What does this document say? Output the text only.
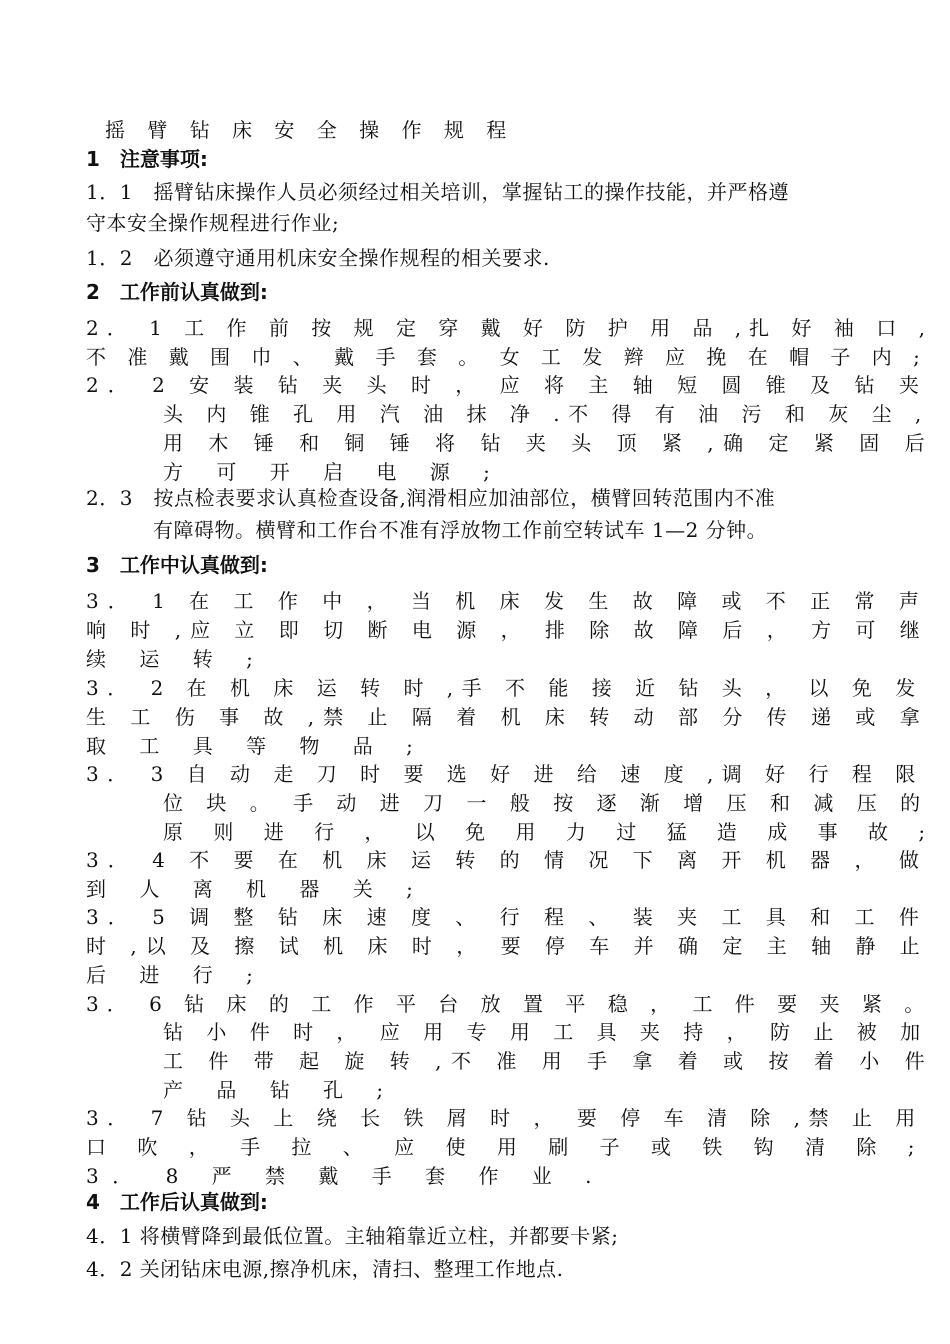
摇 臂 钻 床 安 全 操 作 规 程
1　注意事项:
1．1　摇臂钻床操作人员必须经过相关培训，掌握钻工的操作技能，并严格遵
守本安全操作规程进行作业;
1．2　必须遵守通用机床安全操作规程的相关要求.
2　工作前认真做到:
2． 1 工 作 前 按 规 定 穿 戴 好 防 护 用 品 ,扎 好 袖 口 ,
不 准 戴 围 巾 、 戴 手 套 。 女 工 发 辫 应 挽 在 帽 子 内 ;
2． 2 安 装 钻 夹 头 时 ， 应 将 主 轴 短 圆 锥 及 钻 夹
头 内 锥 孔 用 汽 油 抹 净 .不 得 有 油 污 和 灰 尘 ,
用 木 锤 和 铜 锤 将 钻 夹 头 顶 紧 ,确 定 紧 固 后
方 可 开 启 电 源 ;
2．3　按点检表要求认真检查设备,润滑相应加油部位，横臂回转范围内不准
有障碍物。横臂和工作台不准有浮放物工作前空转试车 1—2 分钟。
3　工作中认真做到:
3． 1 在 工 作 中 ， 当 机 床 发 生 故 障 或 不 正 常 声
响 时 ,应 立 即 切 断 电 源 ， 排 除 故 障 后 ， 方 可 继
续 运 转 ;
3． 2 在 机 床 运 转 时 ,手 不 能 接 近 钻 头 ， 以 免 发
生 工 伤 事 故 ,禁 止 隔 着 机 床 转 动 部 分 传 递 或 拿
取 工 具 等 物 品 ;
3． 3 自 动 走 刀 时 要 选 好 进 给 速 度 ,调 好 行 程 限
位 块 。 手 动 进 刀 一 般 按 逐 渐 增 压 和 减 压 的
原 则 进 行 ， 以 免 用 力 过 猛 造 成 事 故 ;
3． 4 不 要 在 机 床 运 转 的 情 况 下 离 开 机 器 ， 做
到 人 离 机 器 关 ;
3． 5 调 整 钻 床 速 度 、 行 程 、 装 夹 工 具 和 工 件
时 ,以 及 擦 试 机 床 时 ， 要 停 车 并 确 定 主 轴 静 止
后 进 行 ;
3． 6 钻 床 的 工 作 平 台 放 置 平 稳 ， 工 件 要 夹 紧 。
钻 小 件 时 ， 应 用 专 用 工 具 夹 持 ， 防 止 被 加
工 件 带 起 旋 转 ,不 准 用 手 拿 着 或 按 着 小 件
产 品 钻 孔 ;
3． 7 钻 头 上 绕 长 铁 屑 时 ， 要 停 车 清 除 ,禁 止 用
口 吹 ， 手 拉 、 应 使 用 刷 子 或 铁 钩 清 除 ;
3． 8 严 禁 戴 手 套 作 业 .
4　工作后认真做到:
4．1 将横臂降到最低位置。主轴箱靠近立柱，并都要卡紧;
4．2 关闭钻床电源,擦净机床，清扫、整理工作地点.
